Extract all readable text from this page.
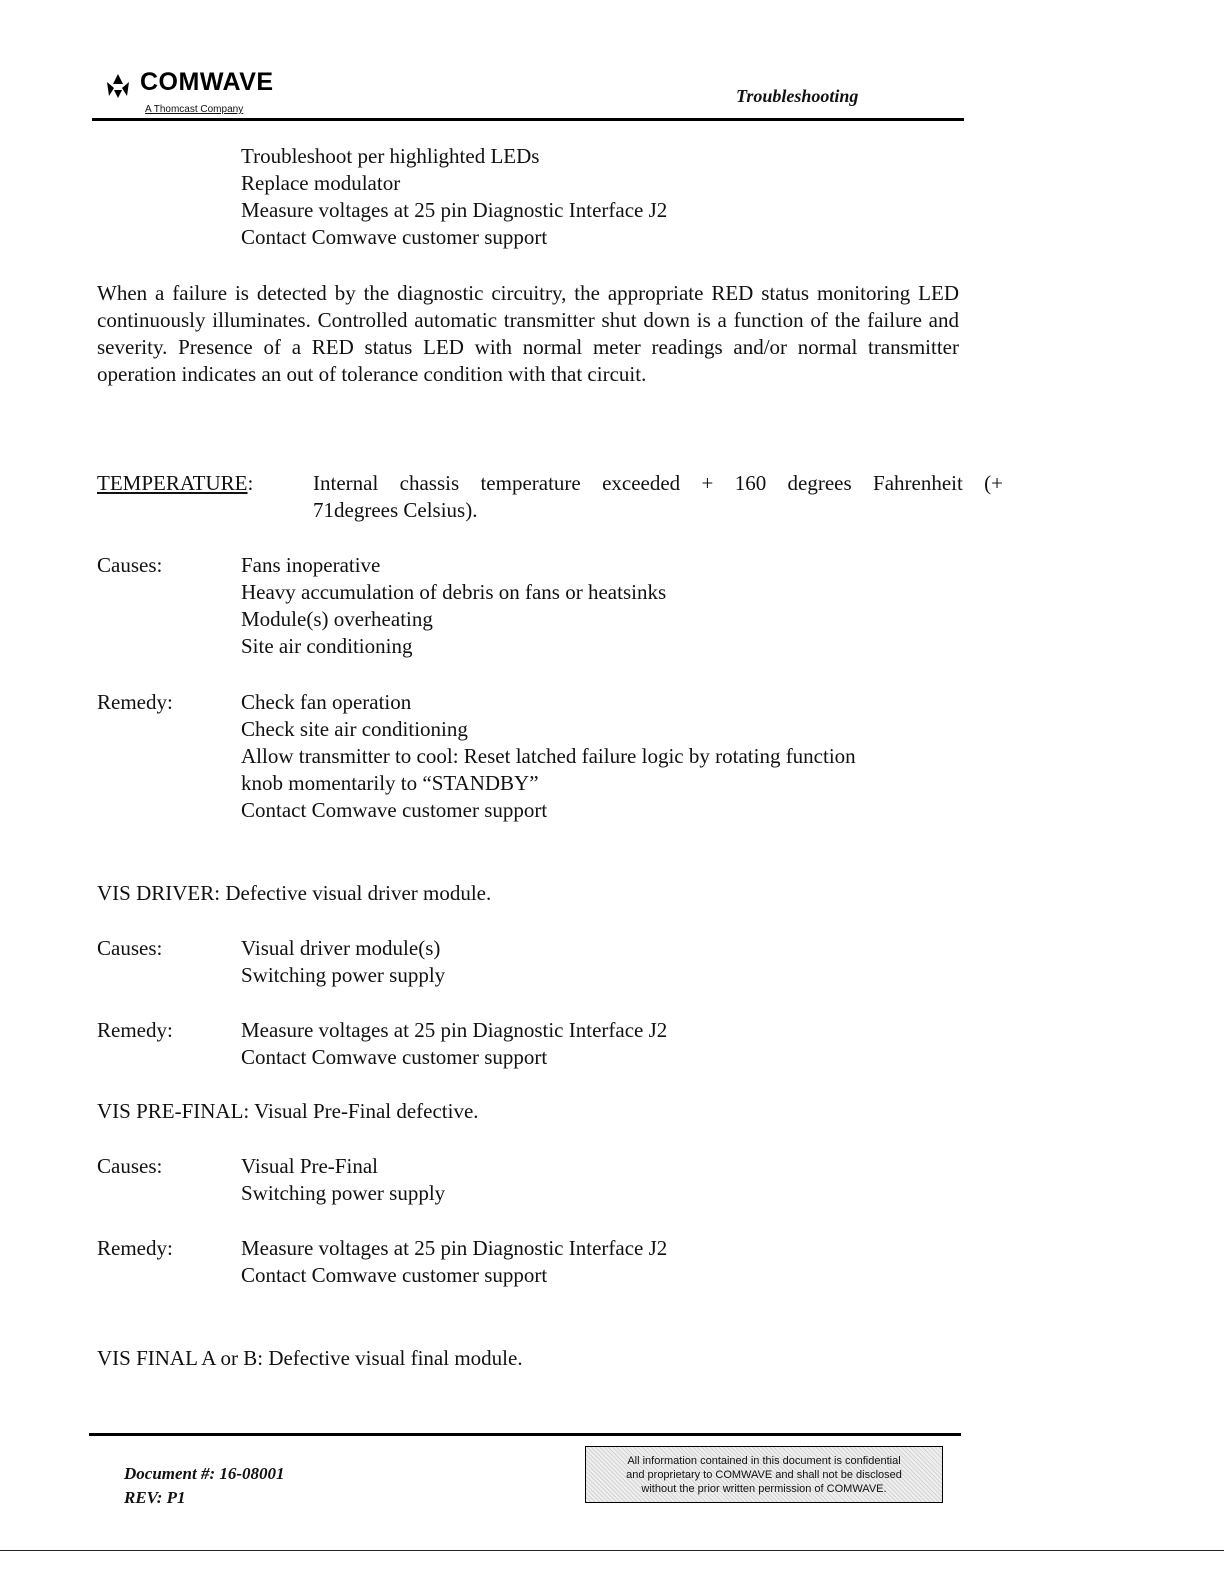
COMWAVE
A Thomcast Company
Troubleshooting
Troubleshoot per highlighted LEDs
Replace modulator
Measure voltages at 25 pin Diagnostic Interface J2
Contact Comwave customer support
When a failure is detected by the diagnostic circuitry, the appropriate RED status monitoring LED continuously illuminates. Controlled automatic transmitter shut down is a function of the failure and severity. Presence of a RED status LED with normal meter readings and/or normal transmitter operation indicates an out of tolerance condition with that circuit.
TEMPERATURE:	Internal chassis temperature exceeded + 160 degrees Fahrenheit (+
71degrees Celsius).
Causes:	Fans inoperative
Heavy accumulation of debris on fans or heatsinks
Module(s) overheating
Site air conditioning
Remedy:	Check fan operation
Check site air conditioning
Allow transmitter to cool: Reset latched failure logic by rotating function
knob momentarily to “STANDBY”
Contact Comwave customer support
VIS DRIVER: Defective visual driver module.
Causes:	Visual driver module(s)
Switching power supply
Remedy:	Measure voltages at 25 pin Diagnostic Interface J2
Contact Comwave customer support
VIS PRE-FINAL: Visual Pre-Final defective.
Causes:	Visual Pre-Final
Switching power supply
Remedy:	Measure voltages at 25 pin Diagnostic Interface J2
Contact Comwave customer support
VIS FINAL A or B: Defective visual final module.
Document #: 16-08001
REV: P1
All information contained in this document is confidential
and proprietary to COMWAVE and shall not be disclosed
without the prior written permission of COMWAVE.
